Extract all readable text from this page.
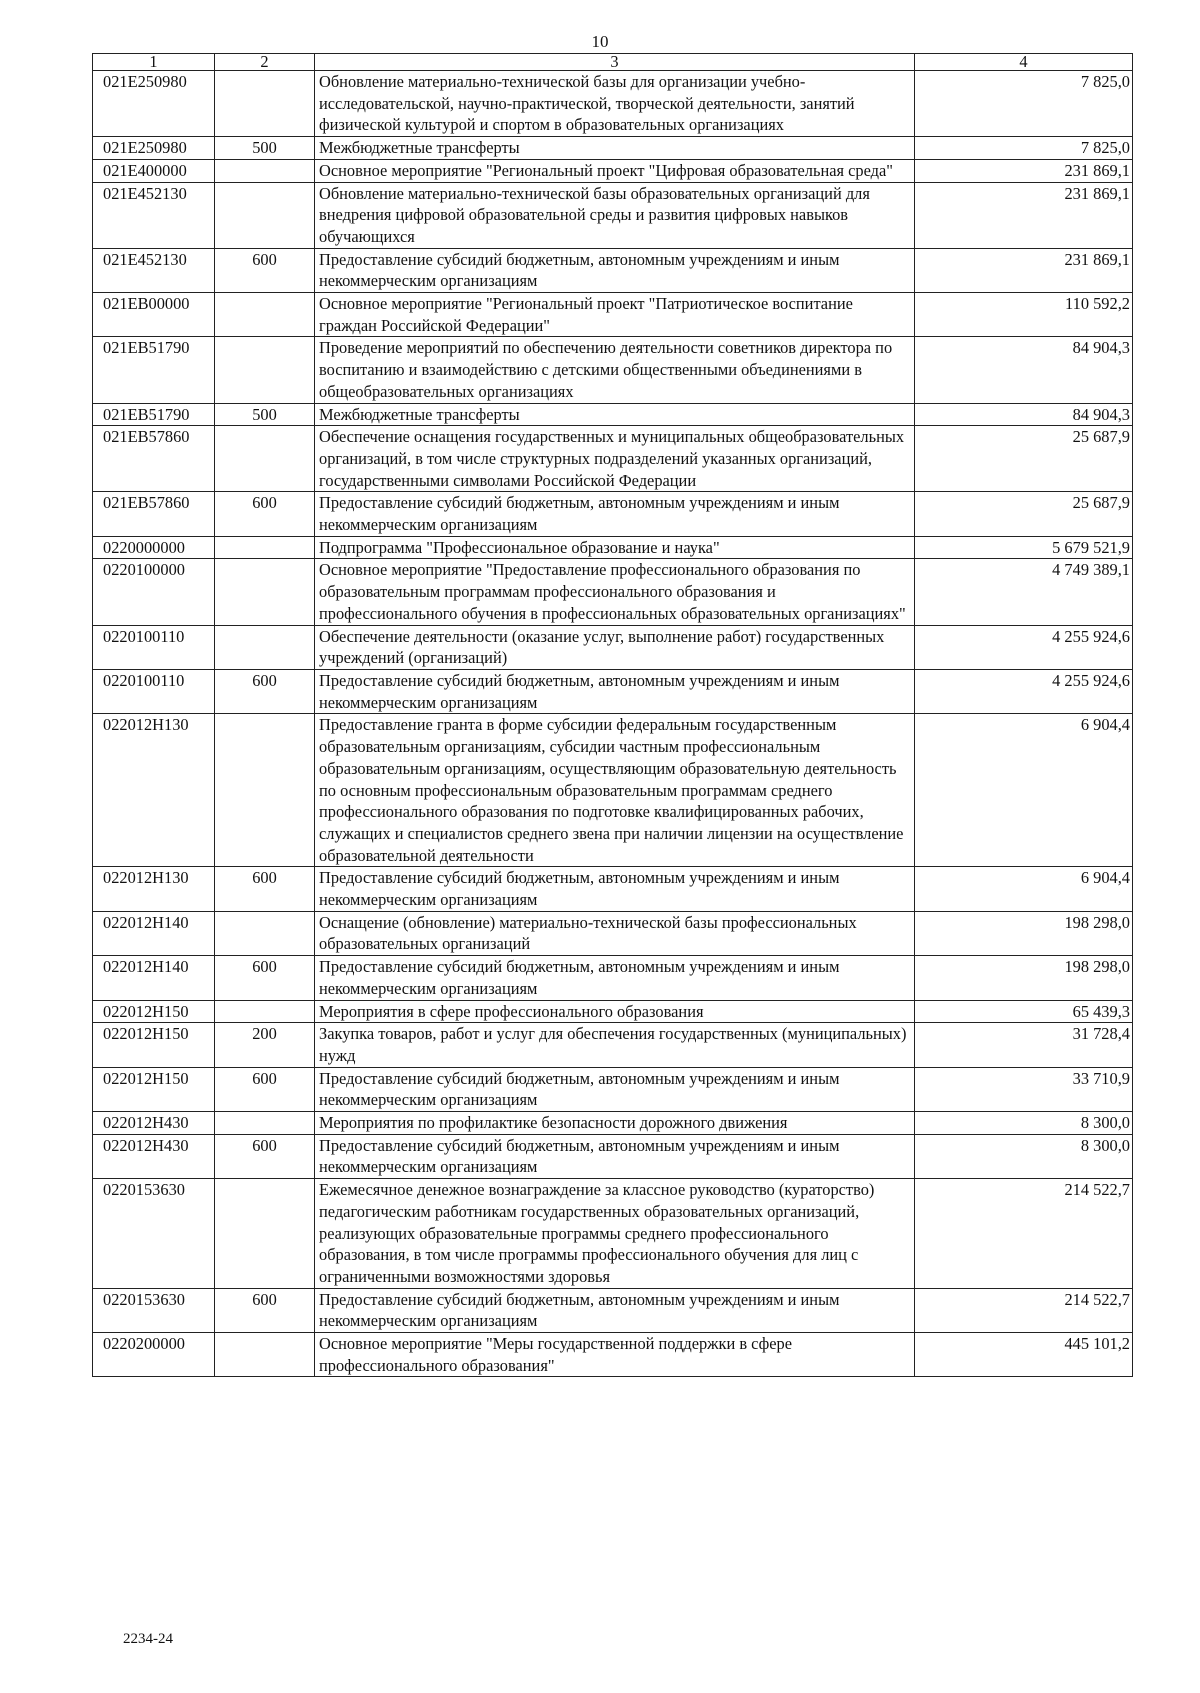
10
1	2	3	4
021E250980		Обновление материально-технической базы для организации учебно-исследовательской, научно-практической, творческой деятельности, занятий физической культурой и спортом в образовательных организациях	7 825,0
021E250980	500	Межбюджетные трансферты	7 825,0
021E400000		Основное мероприятие "Региональный проект "Цифровая образовательная среда"	231 869,1
021E452130		Обновление материально-технической базы образовательных организаций для внедрения цифровой образовательной среды и развития цифровых навыков обучающихся	231 869,1
021E452130	600	Предоставление субсидий бюджетным, автономным учреждениям и иным некоммерческим организациям	231 869,1
021EB00000		Основное мероприятие "Региональный проект "Патриотическое воспитание граждан Российской Федерации"	110 592,2
021EB51790		Проведение мероприятий по обеспечению деятельности советников директора по воспитанию и взаимодействию с детскими общественными объединениями в общеобразовательных организациях	84 904,3
021EB51790	500	Межбюджетные трансферты	84 904,3
021EB57860		Обеспечение оснащения государственных и муниципальных общеобразовательных организаций, в том числе структурных подразделений указанных организаций, государственными символами Российской Федерации	25 687,9
021EB57860	600	Предоставление субсидий бюджетным, автономным учреждениям и иным некоммерческим организациям	25 687,9
0220000000		Подпрограмма "Профессиональное образование и наука"	5 679 521,9
0220100000		Основное мероприятие "Предоставление профессионального образования по образовательным программам профессионального образования и профессионального обучения в профессиональных образовательных организациях"	4 749 389,1
0220100110		Обеспечение деятельности (оказание услуг, выполнение работ) государственных учреждений (организаций)	4 255 924,6
0220100110	600	Предоставление субсидий бюджетным, автономным учреждениям и иным некоммерческим организациям	4 255 924,6
022012Н130		Предоставление гранта в форме субсидии федеральным государственным образовательным организациям, субсидии частным профессиональным образовательным организациям, осуществляющим образовательную деятельность по основным профессиональным образовательным программам среднего профессионального образования по подготовке квалифицированных рабочих, служащих и специалистов среднего звена при наличии лицензии на осуществление образовательной деятельности	6 904,4
022012Н130	600	Предоставление субсидий бюджетным, автономным учреждениям и иным некоммерческим организациям	6 904,4
022012Н140		Оснащение (обновление) материально-технической базы профессиональных образовательных организаций	198 298,0
022012Н140	600	Предоставление субсидий бюджетным, автономным учреждениям и иным некоммерческим организациям	198 298,0
022012Н150		Мероприятия в сфере профессионального образования	65 439,3
022012Н150	200	Закупка товаров, работ и услуг для обеспечения государственных (муниципальных) нужд	31 728,4
022012Н150	600	Предоставление субсидий бюджетным, автономным учреждениям и иным некоммерческим организациям	33 710,9
022012Н430		Мероприятия по профилактике безопасности дорожного движения	8 300,0
022012Н430	600	Предоставление субсидий бюджетным, автономным учреждениям и иным некоммерческим организациям	8 300,0
0220153630		Ежемесячное денежное вознаграждение за классное руководство (кураторство) педагогическим работникам государственных образовательных организаций, реализующих образовательные программы среднего профессионального образования, в том числе программы профессионального обучения для лиц с ограниченными возможностями здоровья	214 522,7
0220153630	600	Предоставление субсидий бюджетным, автономным учреждениям и иным некоммерческим организациям	214 522,7
0220200000		Основное мероприятие "Меры государственной поддержки в сфере профессионального образования"	445 101,2
2234-24
